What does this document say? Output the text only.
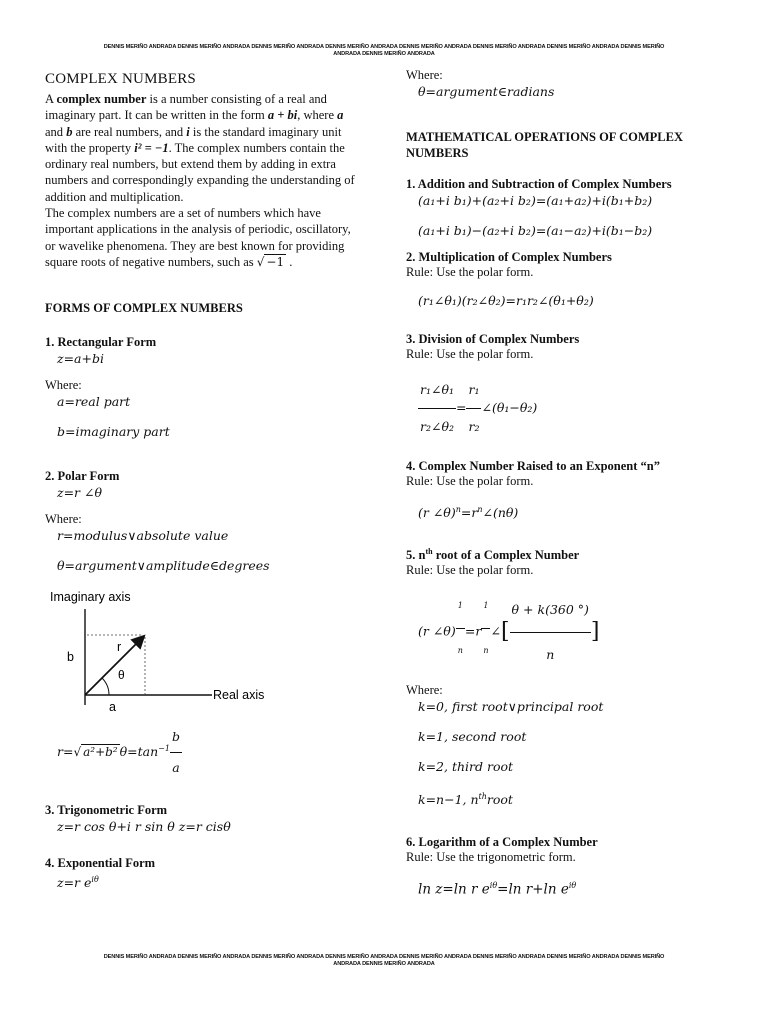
DENNIS MERIÑO ANDRADA DENNIS MERIÑO ANDRADA DENNIS MERIÑO ANDRADA DENNIS MERIÑO ANDRADA DENNIS MERIÑO ANDRADA DENNIS MERIÑO ANDRADA DENNIS MERIÑO ANDRADA DENNIS MERIÑO
ANDRADA DENNIS MERIÑO ANDRADA
COMPLEX NUMBERS

A complex number is a number consisting of a real and imaginary part. It can be written in the form a + bi, where a and b are real numbers, and i is the standard imaginary unit with the property i² = −1. The complex numbers contain the ordinary real numbers, but extend them by adding in extra numbers and correspondingly expanding the understanding of addition and multiplication.

The complex numbers are a set of numbers which have important applications in the analysis of periodic, oscillatory, or wavelike phenomena. They are best known for providing square roots of negative numbers, such as √ −1 .

FORMS OF COMPLEX NUMBERS
1. Rectangular Form
z=a+bi
Where:
a=real part
b=imaginary part
2. Polar Form
z=r ∠θ
Where:
r=modulus∨absolute value
θ=argument∨amplitude∈degrees
Imaginary axis
b
r
θ
a
Real axis
r=√ a²+b² $\theta=\tan^{-1} \frac{b}{a}$
3. Trigonometric Form
z=r cos θ+i r sin θ z=r cisθ
4. Exponential Form
z=r $e^{i\theta}$
Where:
θ=argument∈radians
MATHEMATICAL OPERATIONS OF COMPLEX NUMBERS
1. Addition and Subtraction of Complex Numbers
(a₁+i b₁)+(a₂+i b₂)=(a₁+a₂)+i(b₁+b₂)
(a₁+i b₁)−(a₂+i b₂)=(a₁−a₂)+i(b₁−b₂)
2. Multiplication of Complex Numbers
Rule: Use the polar form.
(r₁∠θ₁)(r₂∠θ₂)=r₁r₂∠(θ₁+θ₂)
3. Division of Complex Numbers
Rule: Use the polar form.
$\frac{\text{r₁∠θ₁}}{\text{r₂∠θ₂}} = \frac{\text{r₁}}{\text{r₂}}$ ∠(θ₁−θ₂)
4. Complex Number Raised to an Exponent “n”
Rule: Use the polar form.
(r $\angle\theta)^n=r^n\angle(n\theta)$
5. $n^{th}$ root of a Complex Number
Rule: Use the polar form.
(r ∠θ) $^{\frac{1}{n}}$ =r $^{\frac{1}{n}}$ ∠[ $\frac{\theta + k(360 ^\circ)}{n}$ ]
Where:
k=0, first root∨principal root
k=1, second root
k=2, third root
k=n−1, $n^{th}root$
6. Logarithm of a Complex Number
Rule: Use the trigonometric form.
ln z=ln r $e^{i\theta}=\ln$ r+ln $e^{i\theta}$
DENNIS MERIÑO ANDRADA DENNIS MERIÑO ANDRADA DENNIS MERIÑO ANDRADA DENNIS MERIÑO ANDRADA DENNIS MERIÑO ANDRADA DENNIS MERIÑO ANDRADA DENNIS MERIÑO ANDRADA DENNIS MERIÑO
ANDRADA DENNIS MERIÑO ANDRADA
